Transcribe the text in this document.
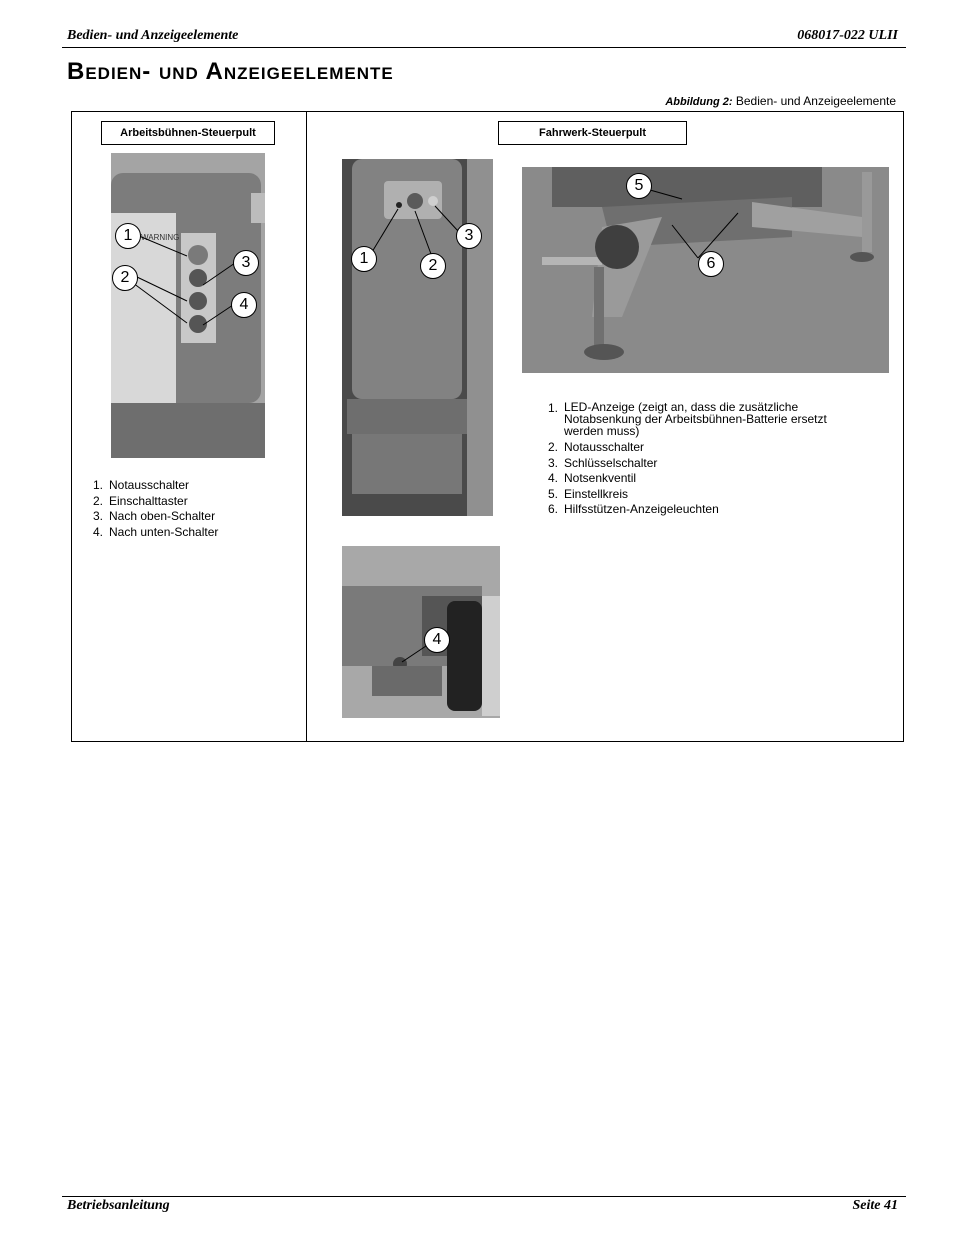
Bedien- und Anzeigeelemente	068017-022 ULII
Bedien- und Anzeigeelemente
Abbildung 2: Bedien- und Anzeigeelemente
Arbeitsbühnen-Steuerpult
WARNING
1
2
3
4
1. Notausschalter
2. Einschalttaster
3. Nach oben-Schalter
4. Nach unten-Schalter
Fahrwerk-Steuerpult
1	2
3
4
5
6
1. LED-Anzeige (zeigt an, dass die zusätzliche Notabsenkung der Arbeitsbühnen-Batterie ersetzt werden muss)
2. Notausschalter
3. Schlüsselschalter
4. Notsenkventil
5. Einstellkreis
6. Hilfsstützen-Anzeigeleuchten
Betriebsanleitung	Seite 41
